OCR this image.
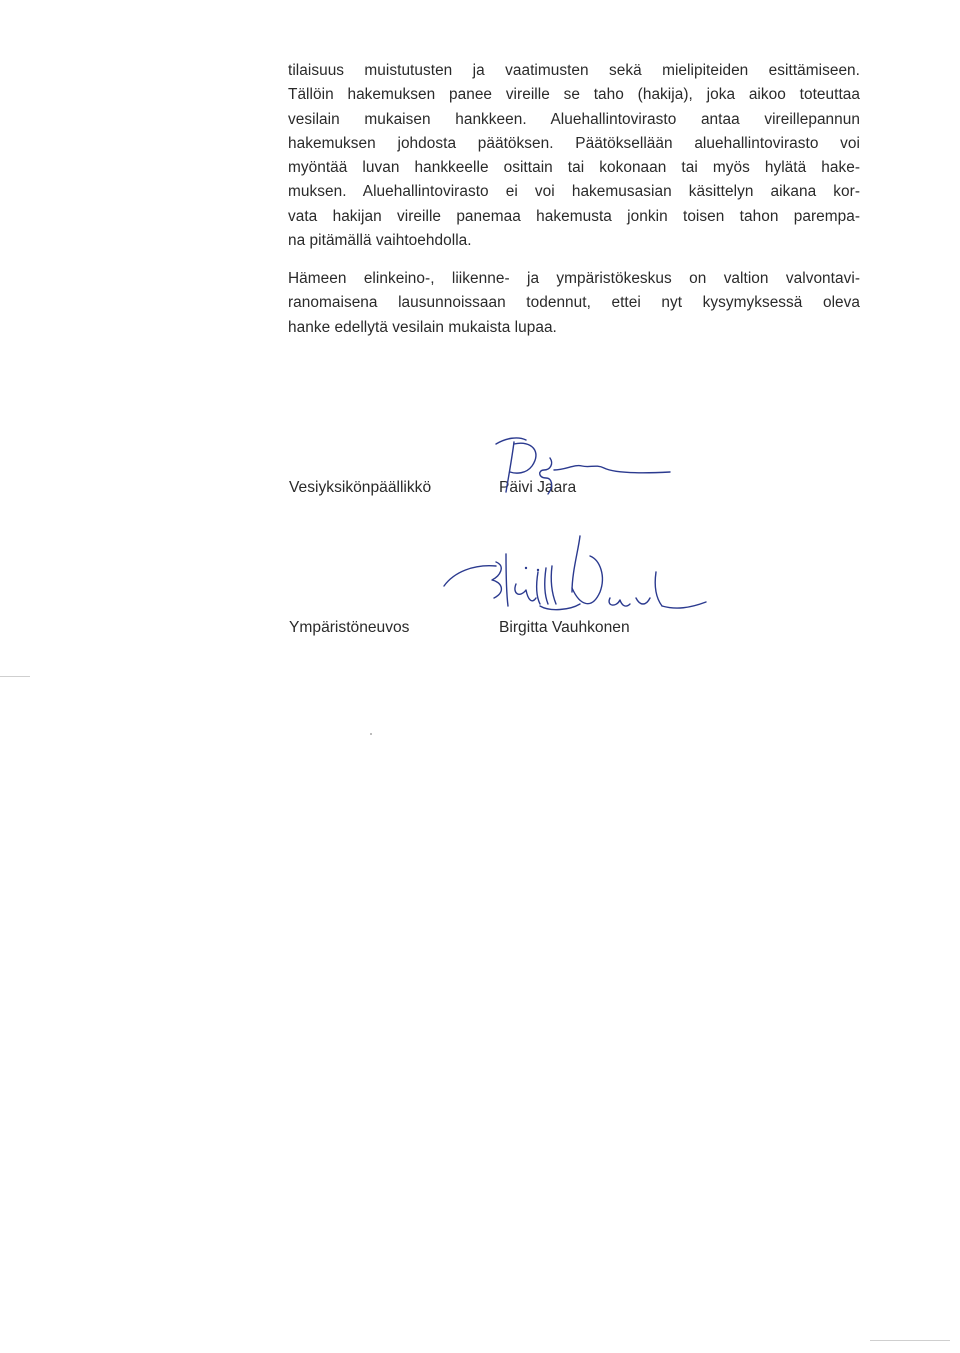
tilaisuus muistutusten ja vaatimusten sekä mielipiteiden esittämiseen.
Tällöin hakemuksen panee vireille se taho (hakija), joka aikoo toteuttaa
vesilain mukaisen hankkeen. Aluehallintovirasto antaa vireillepannun
hakemuksen johdosta päätöksen. Päätöksellään aluehallintovirasto voi
myöntää luvan hankkeelle osittain tai kokonaan tai myös hylätä hake-
muksen. Aluehallintovirasto ei voi hakemusasian käsittelyn aikana kor-
vata hakijan vireille panemaa hakemusta jonkin toisen tahon parempa-
na pitämällä vaihtoehdolla.
Hämeen elinkeino-, liikenne- ja ympäristökeskus on valtion valvontavi-
ranomaisena lausunnoissaan todennut, ettei nyt kysymyksessä oleva
hanke edellytä vesilain mukaista lupaa.
Vesiyksikönpäällikkö	Päivi Jaara
Ympäristöneuvos	Birgitta Vauhkonen
